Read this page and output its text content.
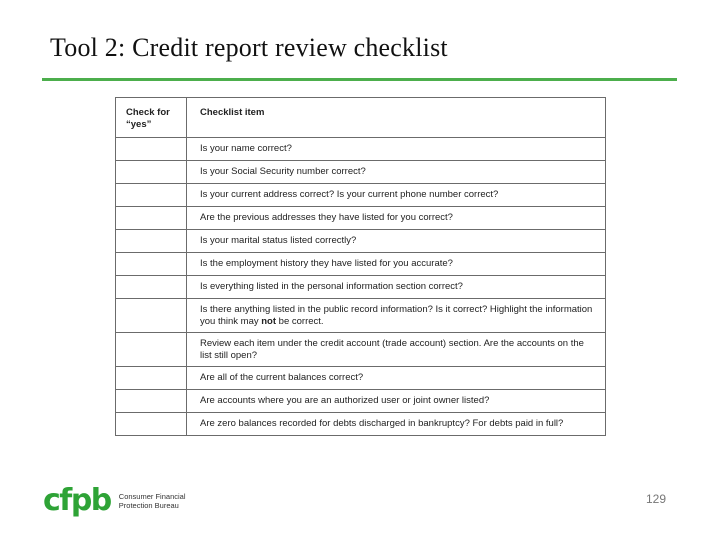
Tool 2: Credit report review checklist
Check for “yes”	Checklist item
	Is your name correct?
	Is your Social Security number correct?
	Is your current address correct? Is your current phone number correct?
	Are the previous addresses they have listed for you correct?
	Is your marital status listed correctly?
	Is the employment history they have listed for you accurate?
	Is everything listed in the personal information section correct?
	Is there anything listed in the public record information? Is it correct? Highlight the information you think may not be correct.
	Review each item under the credit account (trade account) section. Are the accounts on the list still open?
	Are all of the current balances correct?
	Are accounts where you are an authorized user or joint owner listed?
	Are zero balances recorded for debts discharged in bankruptcy? For debts paid in full?
cfpb Consumer Financial
Protection Bureau	129
